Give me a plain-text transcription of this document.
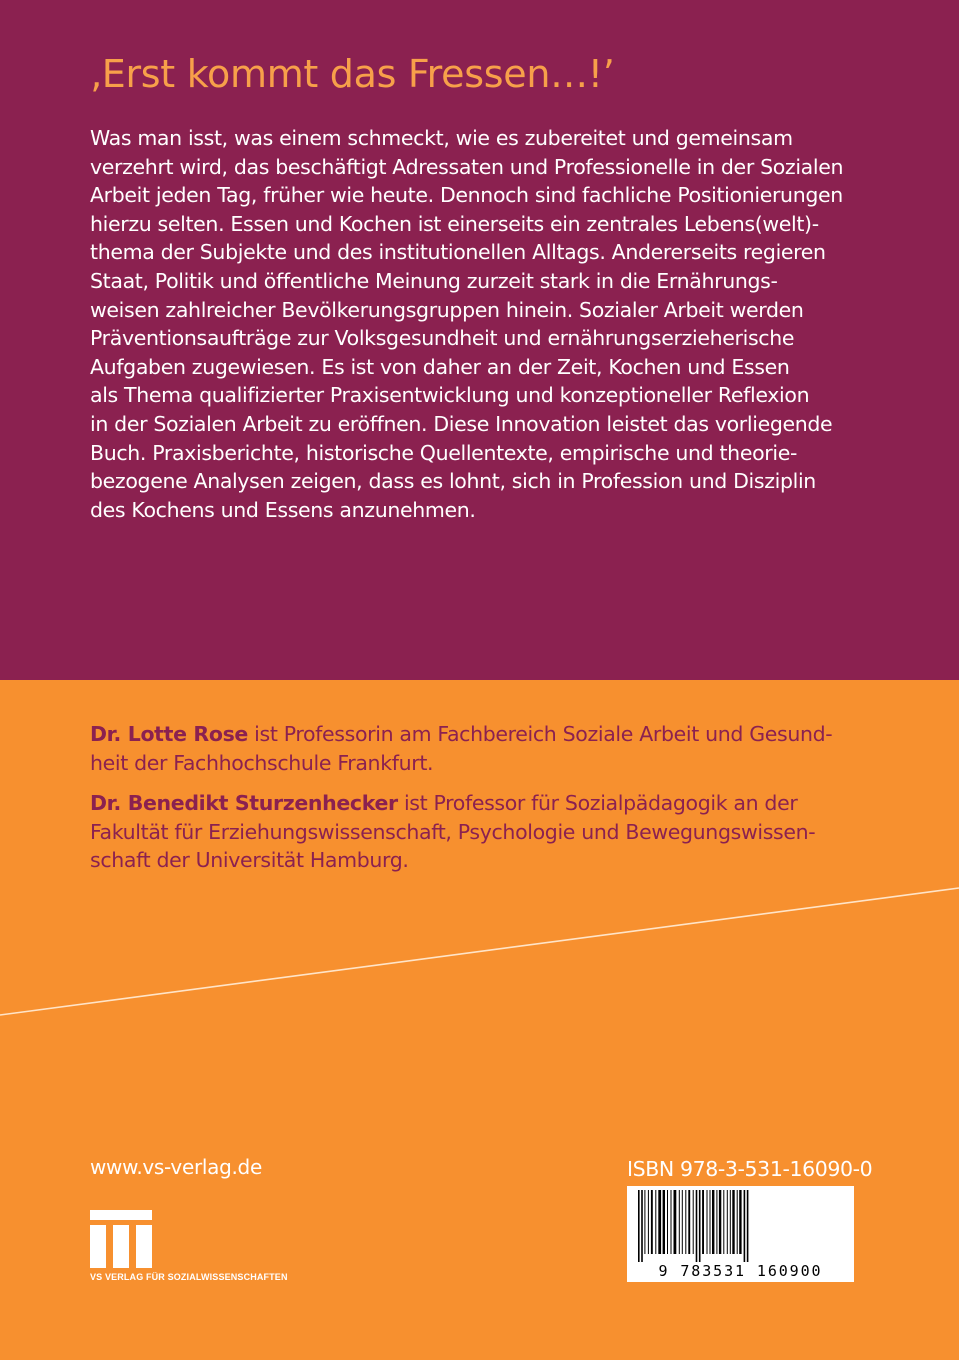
‚Erst kommt das Fressen…!’

Was man isst, was einem schmeckt, wie es zubereitet und gemeinsam
verzehrt wird, das beschäftigt Adressaten und Professionelle in der Sozialen
Arbeit jeden Tag, früher wie heute. Dennoch sind fachliche Positionierungen
hierzu selten. Essen und Kochen ist einerseits ein zentrales Lebens(welt)-
thema der Subjekte und des institutionellen Alltags. Andererseits regieren
Staat, Politik und öffentliche Meinung zurzeit stark in die Ernährungs-
weisen zahlreicher Bevölkerungsgruppen hinein. Sozialer Arbeit werden
Präventionsaufträge zur Volksgesundheit und ernährungserzieherische
Aufgaben zugewiesen. Es ist von daher an der Zeit, Kochen und Essen
als Thema qualifizierter Praxisentwicklung und konzeptioneller Reflexion
in der Sozialen Arbeit zu eröffnen. Diese Innovation leistet das vorliegende
Buch. Praxisberichte, historische Quellentexte, empirische und theorie-
bezogene Analysen zeigen, dass es lohnt, sich in Profession und Disziplin
des Kochens und Essens anzunehmen.

Dr. Lotte Rose ist Professorin am Fachbereich Soziale Arbeit und Gesund-
heit der Fachhochschule Frankfurt.

Dr. Benedikt Sturzenhecker ist Professor für Sozialpädagogik an der
Fakultät für Erziehungswissenschaft, Psychologie und Bewegungswissen-
schaft der Universität Hamburg.

www.vs-verlag.de

VS VERLAG FÜR SOZIALWISSENSCHAFTEN

ISBN 978-3-531-16090-0

9 783531 160900
